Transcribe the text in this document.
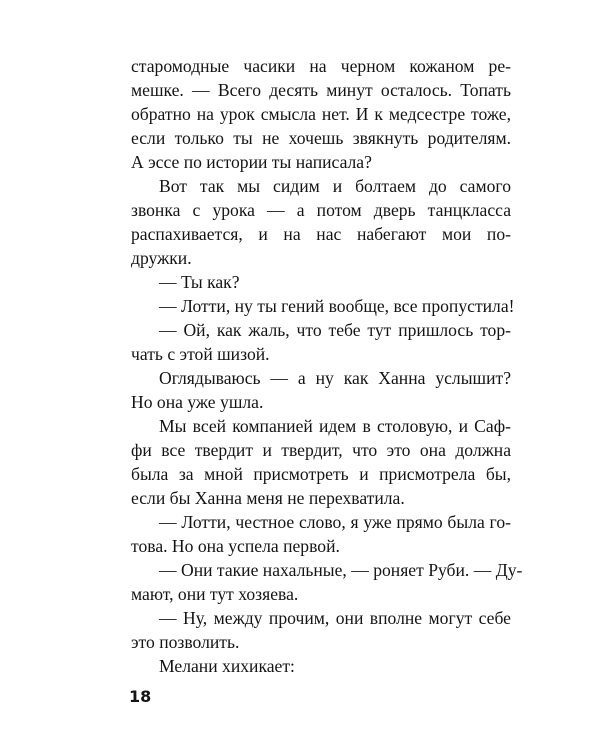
старомодные часики на черном кожаном ре-
мешке. — Всего десять минут осталось. Топать
обратно на урок смысла нет. И к медсестре тоже,
если только ты не хочешь звякнуть родителям.
А эссе по истории ты написала?
Вот так мы сидим и болтаем до самого
звонка с урока — а потом дверь танцкласса
распахивается, и на нас набегают мои по-
дружки.
— Ты как?
— Лотти, ну ты гений вообще, все пропустила!
— Ой, как жаль, что тебе тут пришлось тор-
чать с этой шизой.
Оглядываюсь — а ну как Ханна услышит?
Но она уже ушла.
Мы всей компанией идем в столовую, и Саф-
фи все твердит и твердит, что это она должна
была за мной присмотреть и присмотрела бы,
если бы Ханна меня не перехватила.
— Лотти, честное слово, я уже прямо была го-
това. Но она успела первой.
— Они такие нахальные, — роняет Руби. — Ду-
мают, они тут хозяева.
— Ну, между прочим, они вполне могут себе
это позволить.
Мелани хихикает:
18
